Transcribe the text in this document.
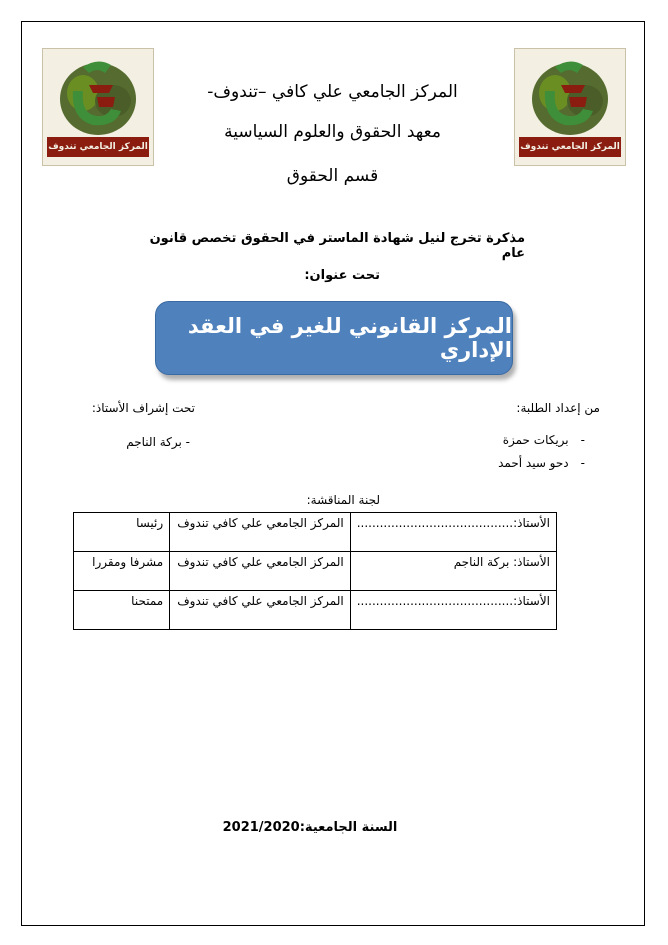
المركز الجامعي تندوف	المركز الجامعي تندوف
المركز الجامعي علي كافي –تندوف-
معهد الحقوق والعلوم السياسية
قسم الحقوق
مذكرة تخرج لنيل شهادة الماستر في الحقوق تخصص قانون عام
تحت عنوان:
المركز القانوني للغير في العقد الإداري
من إعداد الطلبة:
تحت إشراف الأستاذ:
-بريكات حمزة
-دحو سيد أحمد
- بركة الناجم
لجنة المناقشة:
الأستاذ:.........................................	المركز الجامعي علي كافي تندوف	رئيسا
الأستاذ: بركة الناجم	المركز الجامعي علي كافي تندوف	مشرفا ومقررا
الأستاذ:.........................................	المركز الجامعي علي كافي تندوف	ممتحنا
السنة الجامعية:2021/2020
